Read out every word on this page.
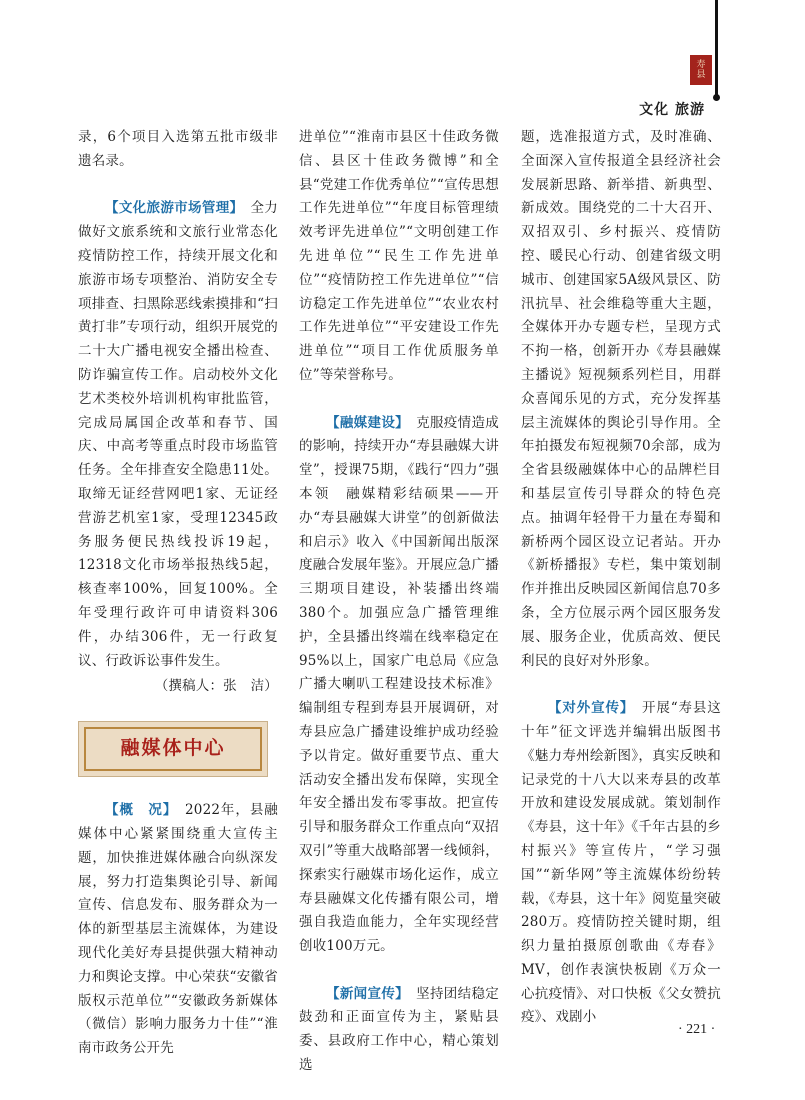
寿
县
文化 旅游

录，6个项目入选第五批市级非遗名录。

【文化旅游市场管理】　 全力做好文旅系统和文旅行业常态化疫情防控工作，持续开展文化和旅游市场专项整治、消防安全专项排查、扫黑除恶线索摸排和“扫黄打非”专项行动，组织开展党的二十大广播电视安全播出检查、防诈骗宣传工作。启动校外文化艺术类校外培训机构审批监管，完成局属国企改革和春节、国庆、中高考等重点时段市场监管任务。全年排查安全隐患11处。取缔无证经营网吧1家、无证经营游艺机室1家，受理12345政务服务便民热线投诉19起，12318文化市场举报热线5起，核查率100%，回复100%。全年受理行政许可申请资料306件，办结306件，无一行政复议、行政诉讼事件发生。

（撰稿人：张　洁）

融媒体中心

【概　况】　 2022年，县融媒体中心紧紧围绕重大宣传主题，加快推进媒体融合向纵深发展，努力打造集舆论引导、新闻宣传、信息发布、服务群众为一体的新型基层主流媒体，为建设现代化美好寿县提供强大精神动力和舆论支撑。中心荣获“安徽省版权示范单位”“安徽政务新媒体（微信）影响力服务力十佳”“淮南市政务公开先

进单位”“淮南市县区十佳政务微信、县区十佳政务微博”和全县“党建工作优秀单位”“宣传思想工作先进单位”“年度目标管理绩效考评先进单位”“文明创建工作先进单位”“民生工作先进单位”“疫情防控工作先进单位”“信访稳定工作先进单位”“农业农村工作先进单位”“平安建设工作先进单位”“项目工作优质服务单位”等荣誉称号。

【融媒建设】　 克服疫情造成的影响，持续开办“寿县融媒大讲堂”，授课75期，《践行“四力”强本领　融媒精彩结硕果——开办“寿县融媒大讲堂”的创新做法和启示》收入《中国新闻出版深度融合发展年鉴》。开展应急广播三期项目建设，补装播出终端380个。加强应急广播管理维护，全县播出终端在线率稳定在95%以上，国家广电总局《应急广播大喇叭工程建设技术标准》编制组专程到寿县开展调研，对寿县应急广播建设维护成功经验予以肯定。做好重要节点、重大活动安全播出发布保障，实现全年安全播出发布零事故。把宣传引导和服务群众工作重点向“双招双引”等重大战略部署一线倾斜，探索实行融媒市场化运作，成立寿县融媒文化传播有限公司，增强自我造血能力，全年实现经营创收100万元。

【新闻宣传】　 坚持团结稳定鼓劲和正面宣传为主，紧贴县委、县政府工作中心，精心策划选

题，选准报道方式，及时准确、全面深入宣传报道全县经济社会发展新思路、新举措、新典型、新成效。围绕党的二十大召开、双招双引、乡村振兴、疫情防控、暖民心行动、创建省级文明城市、创建国家5A级风景区、防汛抗旱、社会维稳等重大主题，全媒体开办专题专栏，呈现方式不拘一格，创新开办《寿县融媒主播说》短视频系列栏目，用群众喜闻乐见的方式，充分发挥基层主流媒体的舆论引导作用。全年拍摄发布短视频70余部，成为全省县级融媒体中心的品牌栏目和基层宣传引导群众的特色亮点。抽调年轻骨干力量在寿蜀和新桥两个园区设立记者站。开办《新桥播报》专栏，集中策划制作并推出反映园区新闻信息70多条，全方位展示两个园区服务发展、服务企业，优质高效、便民利民的良好对外形象。

【对外宣传】　 开展“寿县这十年”征文评选并编辑出版图书《魅力寿州绘新图》，真实反映和记录党的十八大以来寿县的改革开放和建设发展成就。策划制作《寿县，这十年》《千年古县的乡村振兴》等宣传片，“学习强国”“新华网”等主流媒体纷纷转载，《寿县，这十年》阅览量突破280万。疫情防控关键时期，组织力量拍摄原创歌曲《寿春》MV，创作表演快板剧《万众一心抗疫情》、对口快板《父女赞抗疫》、戏剧小

· 221 ·
